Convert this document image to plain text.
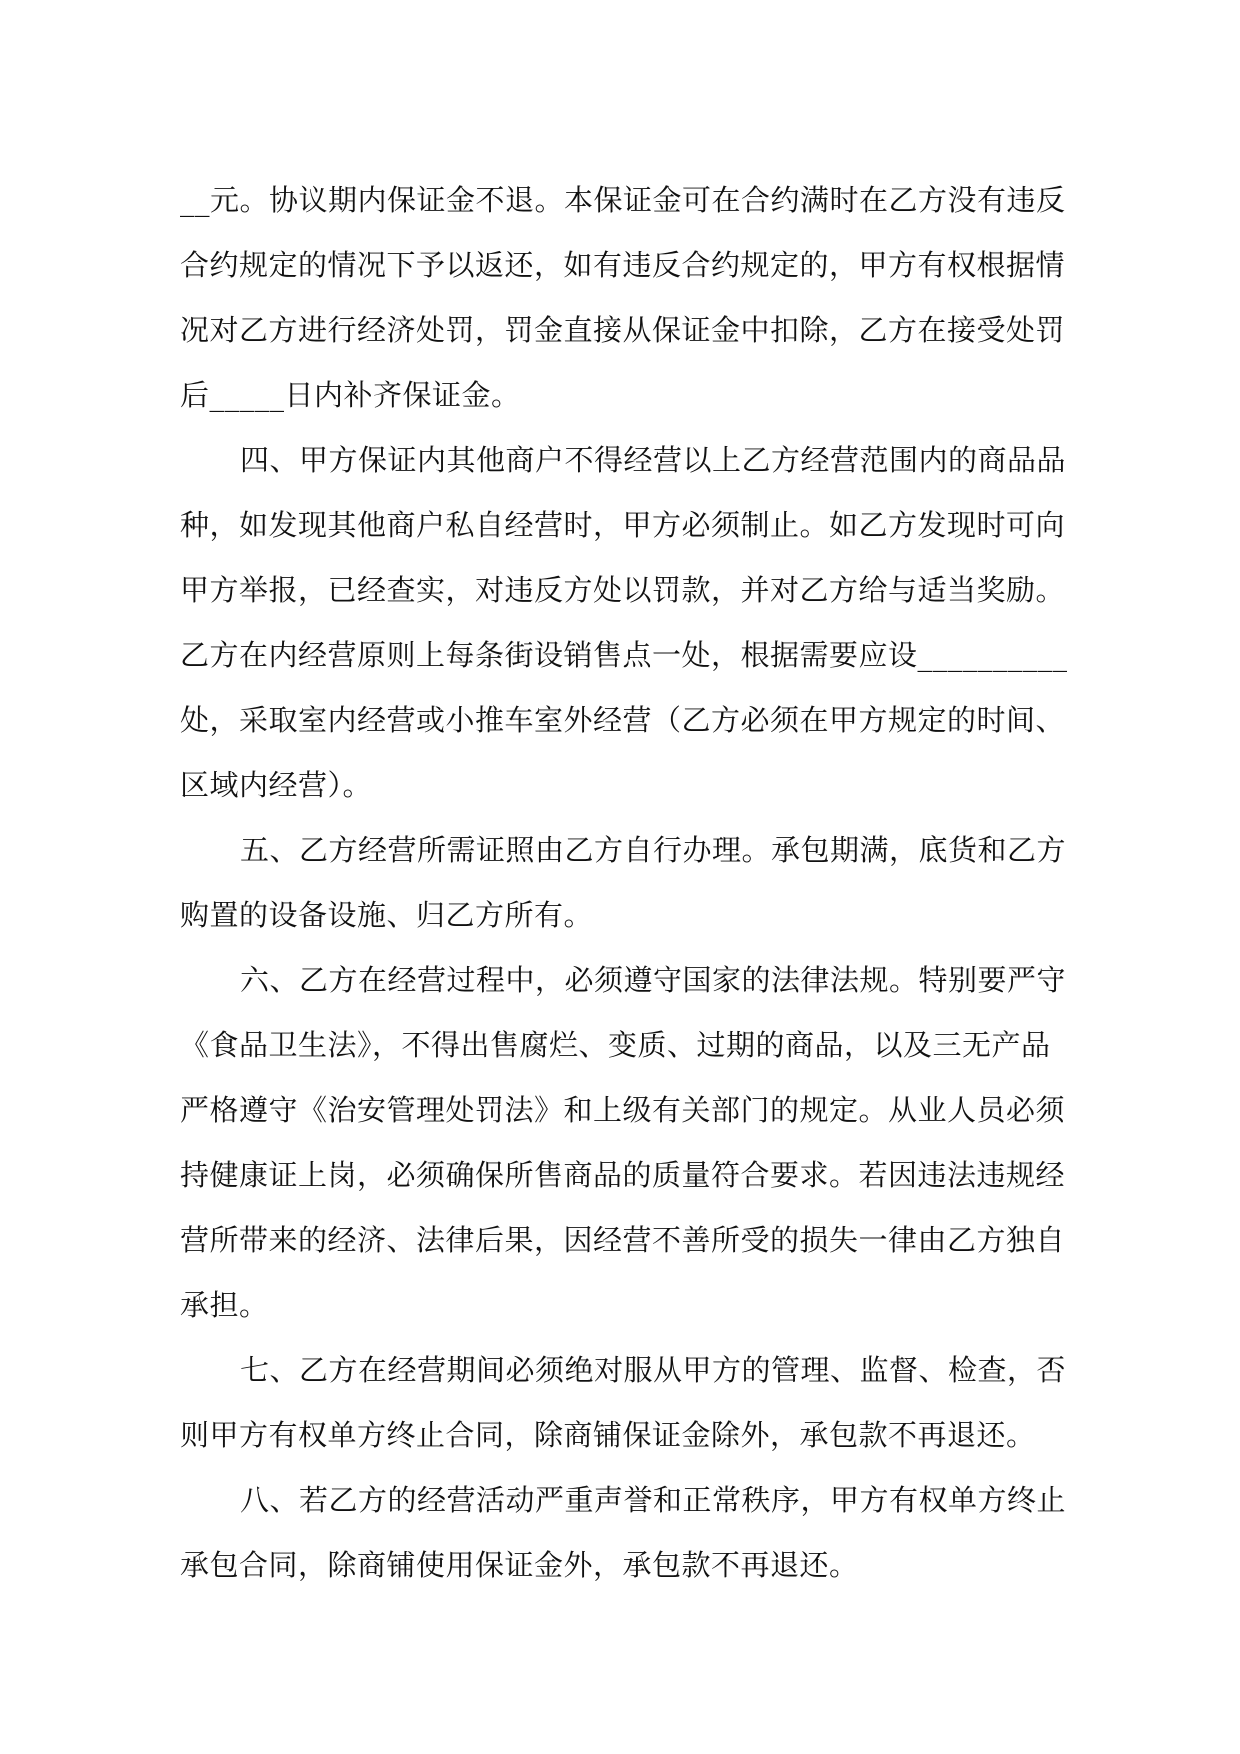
__元。协议期内保证金不退。本保证金可在合约满时在乙方没有违反
合约规定的情况下予以返还，如有违反合约规定的，甲方有权根据情
况对乙方进行经济处罚，罚金直接从保证金中扣除，乙方在接受处罚
后_____日内补齐保证金。
四、甲方保证内其他商户不得经营以上乙方经营范围内的商品品
种，如发现其他商户私自经营时，甲方必须制止。如乙方发现时可向
甲方举报，已经查实，对违反方处以罚款，并对乙方给与适当奖励。
乙方在内经营原则上每条街设销售点一处，根据需要应设__________
处，采取室内经营或小推车室外经营（乙方必须在甲方规定的时间、
区域内经营）。
五、乙方经营所需证照由乙方自行办理。承包期满，底货和乙方
购置的设备设施、归乙方所有。
六、乙方在经营过程中，必须遵守国家的法律法规。特别要严守
《食品卫生法》，不得出售腐烂、变质、过期的商品，以及三无产品
严格遵守《治安管理处罚法》和上级有关部门的规定。从业人员必须
持健康证上岗，必须确保所售商品的质量符合要求。若因违法违规经
营所带来的经济、法律后果，因经营不善所受的损失一律由乙方独自
承担。
七、乙方在经营期间必须绝对服从甲方的管理、监督、检查，否
则甲方有权单方终止合同，除商铺保证金除外，承包款不再退还。
八、若乙方的经营活动严重声誉和正常秩序，甲方有权单方终止
承包合同，除商铺使用保证金外，承包款不再退还。
